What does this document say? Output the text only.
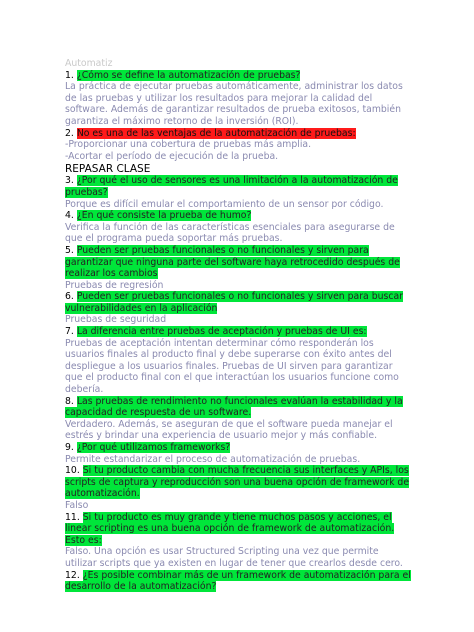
Automatiz
1. ¿Cómo se define la automatización de pruebas?
La práctica de ejecutar pruebas automáticamente, administrar los datos de las pruebas y utilizar los resultados para mejorar la calidad del software. Además de garantizar resultados de prueba exitosos, también garantiza el máximo retorno de la inversión (ROI).
2. No es una de las ventajas de la automatización de pruebas:
-Proporcionar una cobertura de pruebas más amplia.
-Acortar el período de ejecución de la prueba.
REPASAR CLASE
3. ¿Por qué el uso de sensores es una limitación a la automatización de pruebas?
Porque es difícil emular el comportamiento de un sensor por código.
4. ¿En qué consiste la prueba de humo?
Verifica la función de las características esenciales para asegurarse de que el programa pueda soportar más pruebas.
5. Pueden ser pruebas funcionales o no funcionales y sirven para garantizar que ninguna parte del software haya retrocedido después de realizar los cambios
Pruebas de regresión
6. Pueden ser pruebas funcionales o no funcionales y sirven para buscar vulnerabilidades en la aplicación
Pruebas de seguridad
7. La diferencia entre pruebas de aceptación y pruebas de UI es:
Pruebas de aceptación intentan determinar cómo responderán los usuarios finales al producto final y debe superarse con éxito antes del despliegue a los usuarios finales. Pruebas de UI sirven para garantizar que el producto final con el que interactúan los usuarios funcione como debería.
8. Las pruebas de rendimiento no funcionales evalúan la estabilidad y la capacidad de respuesta de un software.
Verdadero. Además, se aseguran de que el software pueda manejar el estrés y brindar una experiencia de usuario mejor y más confiable.
9. ¿Por qué utilizamos frameworks?
Permite estandarizar el proceso de automatización de pruebas.
10. Si tu producto cambia con mucha frecuencia sus interfaces y APIs, los scripts de captura y reproducción son una buena opción de framework de automatización.
Falso
11. Si tu producto es muy grande y tiene muchos pasos y acciones, el linear scripting es una buena opción de framework de automatización. Esto es:
Falso. Una opción es usar Structured Scripting una vez que permite utilizar scripts que ya existen en lugar de tener que crearlos desde cero.
12. ¿Es posible combinar más de un framework de automatización para el desarrollo de la automatización?
